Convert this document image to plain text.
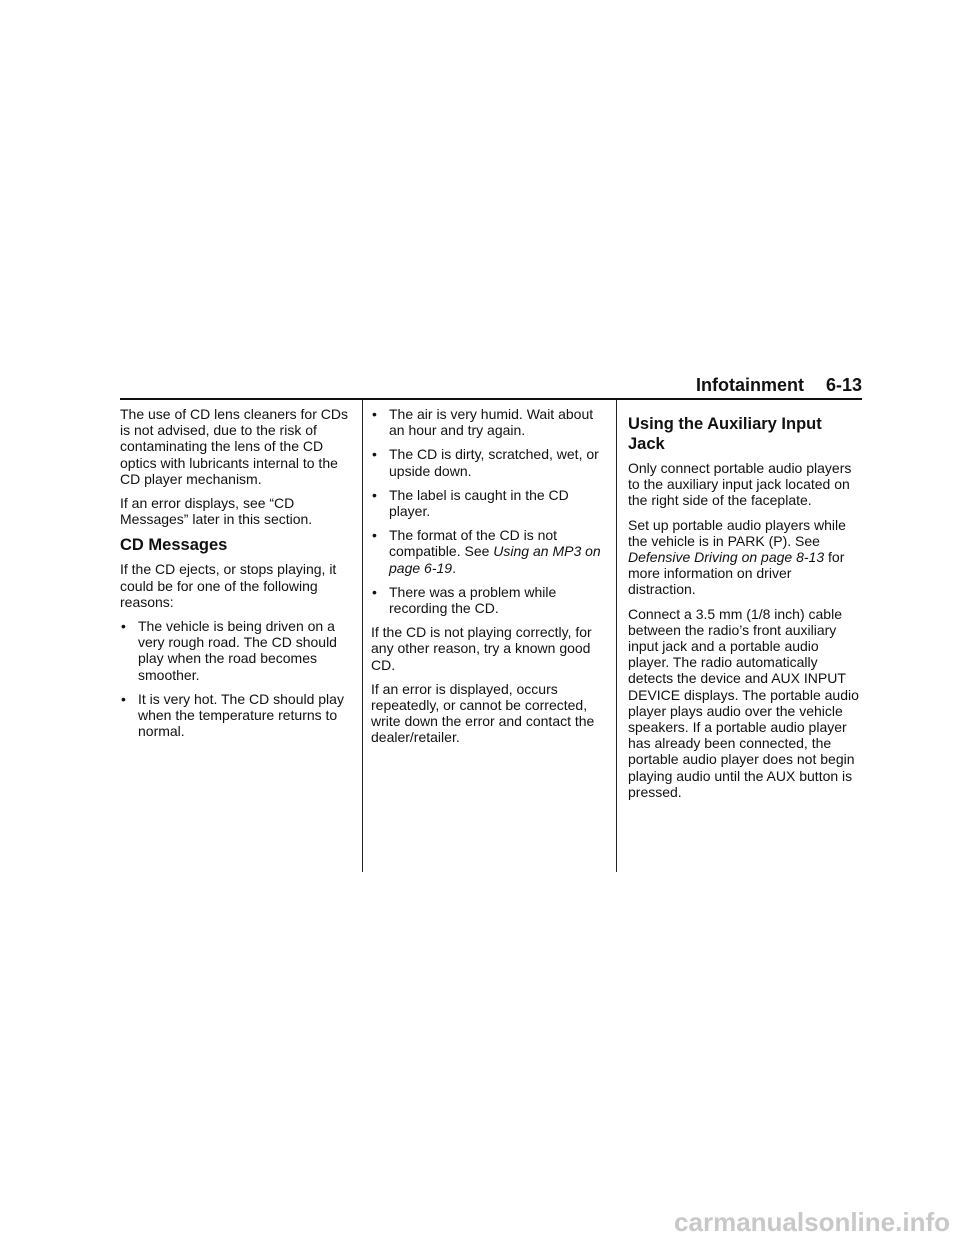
Infotainment 6-13

The use of CD lens cleaners for CDs is not advised, due to the risk of contaminating the lens of the CD optics with lubricants internal to the CD player mechanism.

If an error displays, see “CD Messages” later in this section.

CD Messages

If the CD ejects, or stops playing, it could be for one of the following reasons:

• The vehicle is being driven on a very rough road. The CD should play when the road becomes smoother.
• It is very hot. The CD should play when the temperature returns to normal.
• The air is very humid. Wait about an hour and try again.
• The CD is dirty, scratched, wet, or upside down.
• The label is caught in the CD player.
• The format of the CD is not compatible. See Using an MP3 on page 6-19.
• There was a problem while recording the CD.

If the CD is not playing correctly, for any other reason, try a known good CD.

If an error is displayed, occurs repeatedly, or cannot be corrected, write down the error and contact the dealer/retailer.

Using the Auxiliary Input Jack

Only connect portable audio players to the auxiliary input jack located on the right side of the faceplate.

Set up portable audio players while the vehicle is in PARK (P). See Defensive Driving on page 8-13 for more information on driver distraction.

Connect a 3.5 mm (1/8 inch) cable between the radio’s front auxiliary input jack and a portable audio player. The radio automatically detects the device and AUX INPUT DEVICE displays. The portable audio player plays audio over the vehicle speakers. If a portable audio player has already been connected, the portable audio player does not begin playing audio until the AUX button is pressed.

carmanualsonline.info
